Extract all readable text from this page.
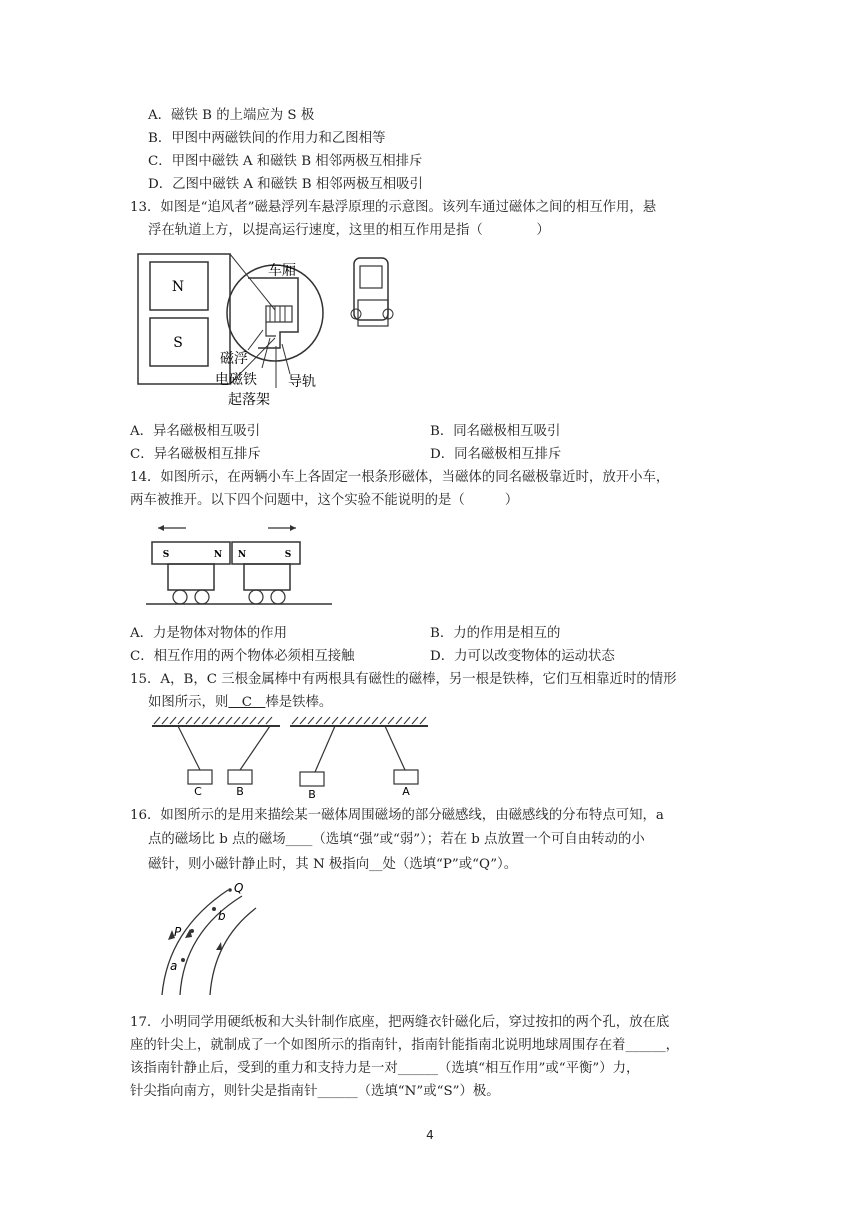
A．磁铁 B 的上端应为 S 极
B．甲图中两磁铁间的作用力和乙图相等
C．甲图中磁铁 A 和磁铁 B 相邻两极互相排斥
D．乙图中磁铁 A 和磁铁 B 相邻两极互相吸引
13．如图是“追风者”磁悬浮列车悬浮原理的示意图。该列车通过磁体之间的相互作用，悬
浮在轨道上方，以提高运行速度，这里的相互作用是指（　　　　）
N
S
车厢
磁浮
电磁铁 导轨
起落架
A．异名磁极相互吸引	B．同名磁极相互吸引
C．异名磁极相互排斥	D．同名磁极相互排斥
14．如图所示，在两辆小车上各固定一根条形磁体，当磁体的同名磁极靠近时，放开小车，
两车被推开。以下四个问题中，这个实验不能说明的是（　　　）
S	N N	S
A．力是物体对物体的作用	B．力的作用是相互的
C．相互作用的两个物体必须相互接触	D．力可以改变物体的运动状态
15．A，B，C 三根金属棒中有两根具有磁性的磁棒，另一根是铁棒，它们互相靠近时的情形
如图所示，则　C　棒是铁棒。
C	B	B	A
16．如图所示的是用来描绘某一磁体周围磁场的部分磁感线，由磁感线的分布特点可知，a
点的磁场比 b 点的磁场____（选填“强”或“弱”）；若在 b 点放置一个可自由转动的小
磁针，则小磁针静止时，其 N 极指向__处（选填“P”或“Q”）。
Q
b
P
a
17．小明同学用硬纸板和大头针制作底座，把两缝衣针磁化后，穿过按扣的两个孔，放在底
座的针尖上，就制成了一个如图所示的指南针，指南针能指南北说明地球周围存在着______，
该指南针静止后，受到的重力和支持力是一对______（选填“相互作用”或“平衡”）力，
针尖指向南方，则针尖是指南针______（选填“N”或“S”）极。
4
